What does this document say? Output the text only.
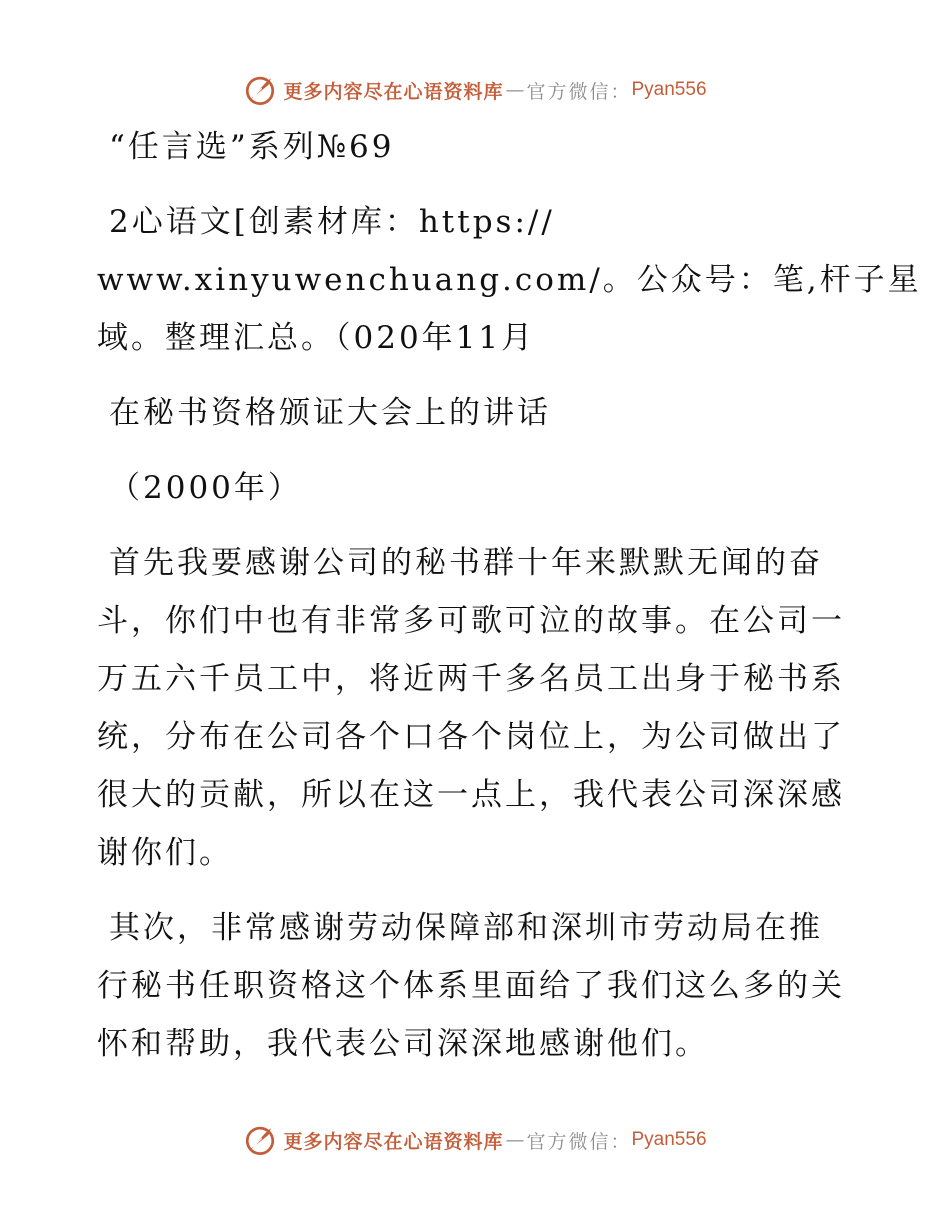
更多内容尽在心语资料库 — 官方微信： Pyan556

“任言选”系列№69

2心语文[创素材库：https://

www.xinyuwenchuang.com/。公众号：笔,杆子星

域。整理汇总。（020年11月

在秘书资格颁证大会上的讲话

（2000年）

首先我要感谢公司的秘书群十年来默默无闻的奋

斗，你们中也有非常多可歌可泣的故事。在公司一

万五六千员工中，将近两千多名员工出身于秘书系

统，分布在公司各个口各个岗位上，为公司做出了

很大的贡献，所以在这一点上，我代表公司深深感

谢你们。

其次，非常感谢劳动保障部和深圳市劳动局在推

行秘书任职资格这个体系里面给了我们这么多的关

怀和帮助，我代表公司深深地感谢他们。

更多内容尽在心语资料库 — 官方微信： Pyan556
